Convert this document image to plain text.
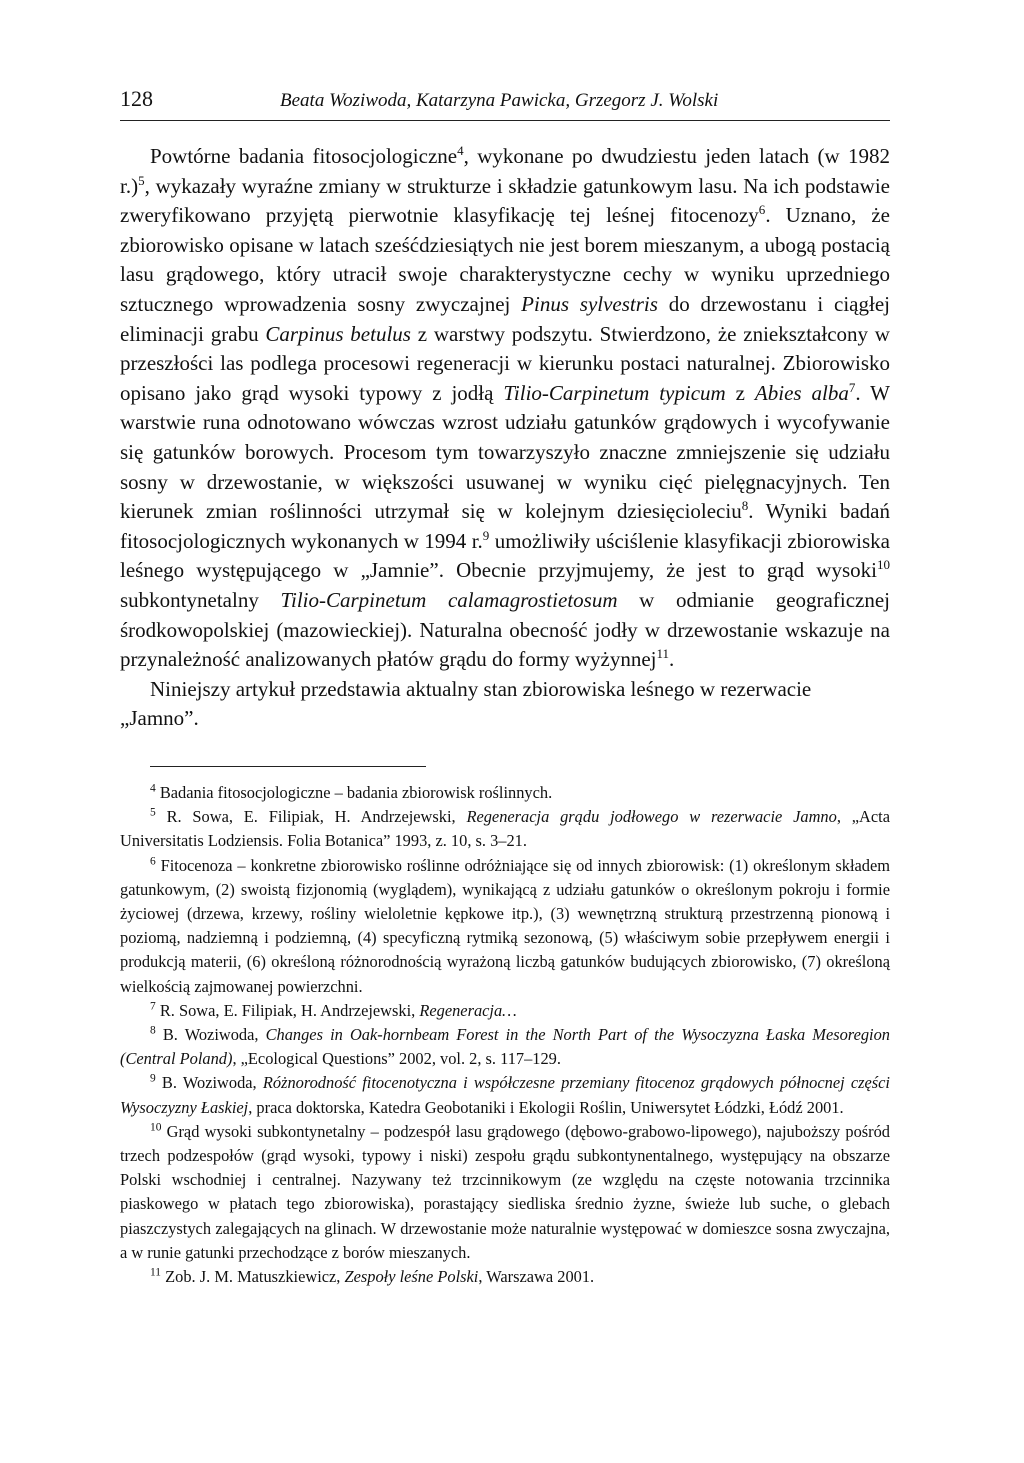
128	Beata Woziwoda, Katarzyna Pawicka, Grzegorz J. Wolski

Powtórne badania fitosocjologiczne$^4$, wykonane po dwudziestu jeden latach (w 1982 r.)$^5$, wykazały wyraźne zmiany w strukturze i składzie gatunkowym lasu. Na ich podstawie zweryfikowano przyjętą pierwotnie klasyfikację tej leśnej fitocenozy$^6$. Uznano, że zbiorowisko opisane w latach sześćdziesiątych nie jest borem mieszanym, a ubogą postacią lasu grądowego, który utracił swoje charakterystyczne cechy w wyniku uprzedniego sztucznego wprowadzenia sosny zwyczajnej Pinus sylvestris do drzewostanu i ciągłej eliminacji grabu Carpinus betulus z warstwy podszytu. Stwierdzono, że zniekształcony w przeszłości las podlega procesowi regeneracji w kierunku postaci naturalnej. Zbiorowisko opisano jako grąd wysoki typowy z jodłą Tilio-Carpinetum typicum z Abies alba$^7$. W warstwie runa odnotowano wówczas wzrost udziału gatunków grądowych i wycofywanie się gatunków borowych. Procesom tym towarzyszyło znaczne zmniejszenie się udziału sosny w drzewostanie, w większości usuwanej w wyniku cięć pielęgnacyjnych. Ten kierunek zmian roślinności utrzymał się w kolejnym dziesięcioleciu$^8$. Wyniki badań fitosocjologicznych wykonanych w 1994 r.$^9$ umożliwiły uściślenie klasyfikacji zbiorowiska leśnego występującego w „Jamnie”. Obecnie przyjmujemy, że jest to grąd wysoki$^{10}$ subkontynetalny Tilio-Carpinetum calamagrostietosum w odmianie geograficznej środkowopolskiej (mazowieckiej). Naturalna obecność jodły w drzewostanie wskazuje na przynależność analizowanych płatów grądu do formy wyżynnej$^{11}$.

Niniejszy artykuł przedstawia aktualny stan zbiorowiska leśnego w rezerwacie „Jamno”.

$^4$ Badania fitosocjologiczne – badania zbiorowisk roślinnych.

$^5$ R. Sowa, E. Filipiak, H. Andrzejewski, Regeneracja grądu jodłowego w rezerwacie Jamno, „Acta Universitatis Lodziensis. Folia Botanica” 1993, z. 10, s. 3–21.

$^6$ Fitocenoza – konkretne zbiorowisko roślinne odróżniające się od innych zbiorowisk: (1) określonym składem gatunkowym, (2) swoistą fizjonomią (wyglądem), wynikającą z udziału gatunków o określonym pokroju i formie życiowej (drzewa, krzewy, rośliny wieloletnie kępkowe itp.), (3) wewnętrzną strukturą przestrzenną pionową i poziomą, nadziemną i podziemną, (4) specyficzną rytmiką sezonową, (5) właściwym sobie przepływem energii i produkcją materii, (6) określoną różnorodnością wyrażoną liczbą gatunków budujących zbiorowisko, (7) określoną wielkością zajmowanej powierzchni.

$^7$ R. Sowa, E. Filipiak, H. Andrzejewski, Regeneracja…

$^8$ B. Woziwoda, Changes in Oak-hornbeam Forest in the North Part of the Wysoczyzna Łaska Mesoregion (Central Poland), „Ecological Questions” 2002, vol. 2, s. 117–129.

$^9$ B. Woziwoda, Różnorodność fitocenotyczna i współczesne przemiany fitocenoz grądowych północnej części Wysoczyzny Łaskiej, praca doktorska, Katedra Geobotaniki i Ekologii Roślin, Uniwersytet Łódzki, Łódź 2001.

$^{10}$ Grąd wysoki subkontynetalny – podzespół lasu grądowego (dębowo-grabowo-lipowego), najuboższy pośród trzech podzespołów (grąd wysoki, typowy i niski) zespołu grądu subkontynentalnego, występujący na obszarze Polski wschodniej i centralnej. Nazywany też trzcinnikowym (ze względu na częste notowania trzcinnika piaskowego w płatach tego zbiorowiska), porastający siedliska średnio żyzne, świeże lub suche, o glebach piaszczystych zalegających na glinach. W drzewostanie może naturalnie występować w domieszce sosna zwyczajna, a w runie gatunki przechodzące z borów mieszanych.

$^{11}$ Zob. J. M. Matuszkiewicz, Zespoły leśne Polski, Warszawa 2001.
